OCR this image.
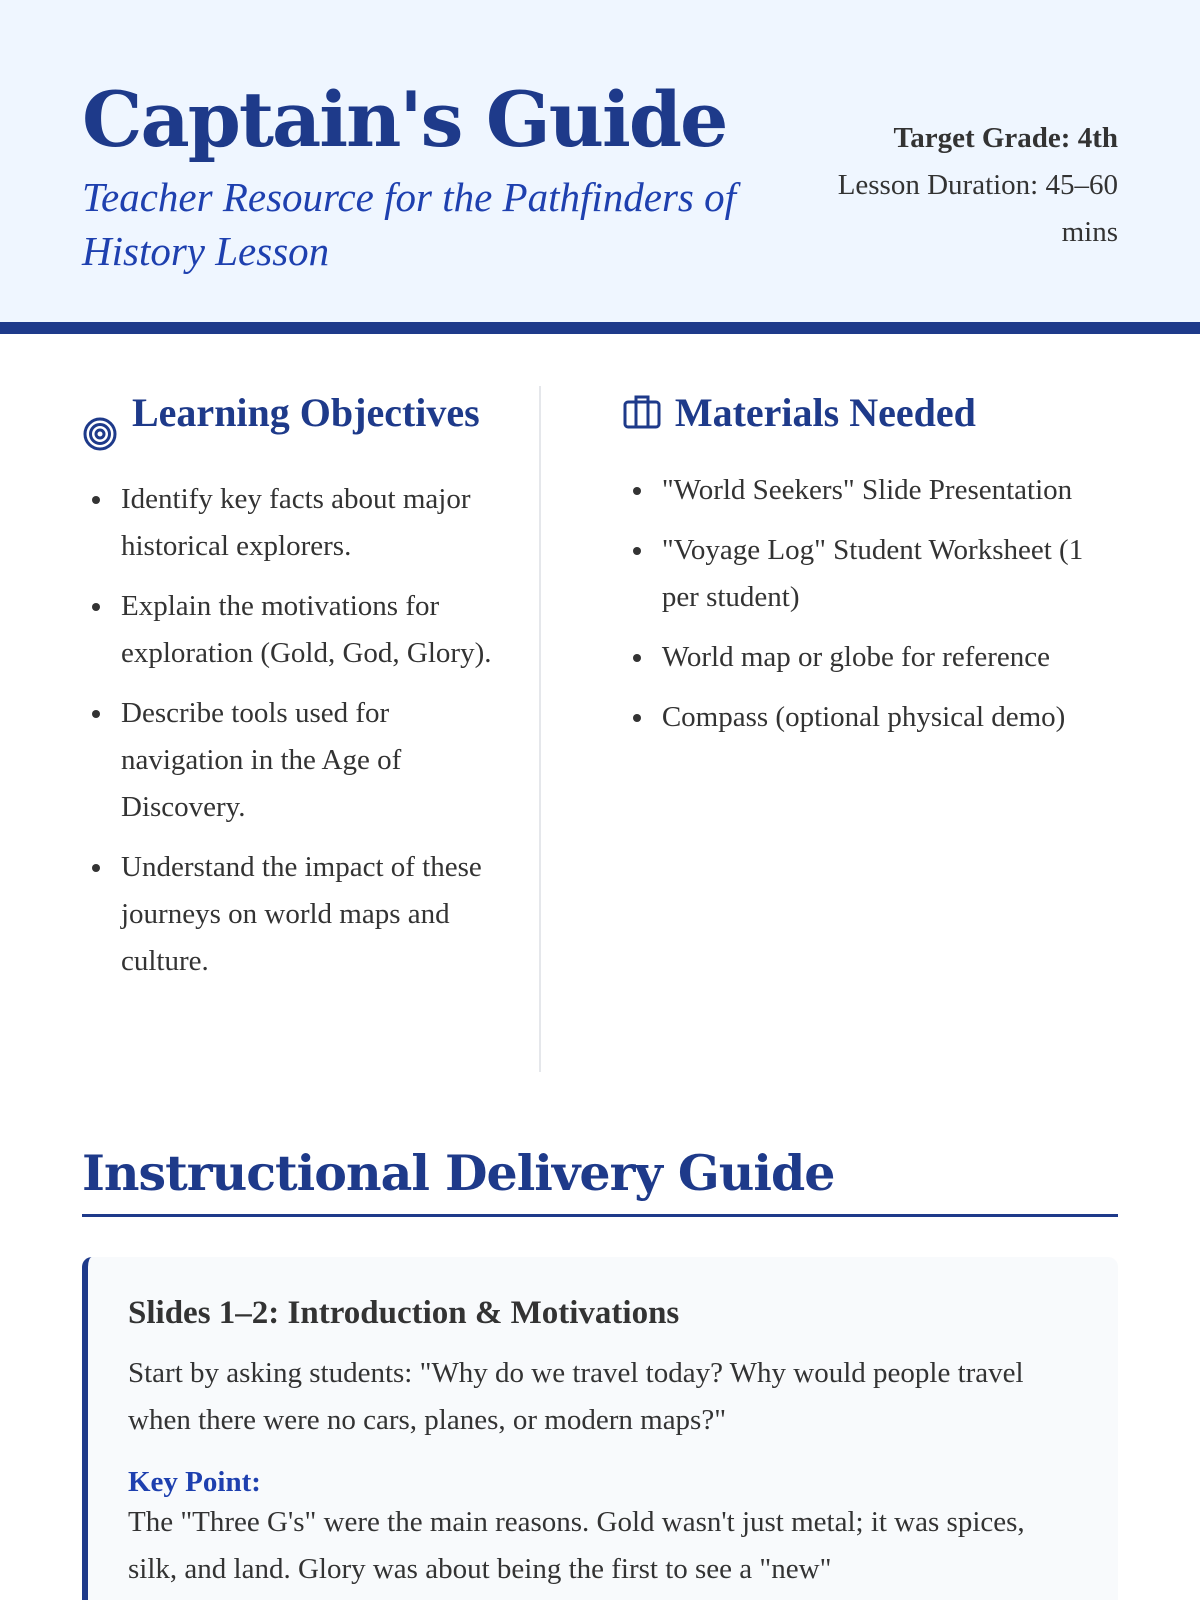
Captain's Guide
Teacher Resource for the Pathfinders of History Lesson
Target Grade: 4th
Lesson Duration: 45–60 mins
Learning Objectives
Identify key facts about major historical explorers.
Explain the motivations for exploration (Gold, God, Glory).
Describe tools used for navigation in the Age of Discovery.
Understand the impact of these journeys on world maps and culture.
Materials Needed
"World Seekers" Slide Presentation
"Voyage Log" Student Worksheet (1 per student)
World map or globe for reference
Compass (optional physical demo)
Instructional Delivery Guide
Slides 1–2: Introduction & Motivations

Start by asking students: "Why do we travel today? Why would people travel when there were no cars, planes, or modern maps?"

Key Point:

The "Three G's" were the main reasons. Gold wasn't just metal; it was spices, silk, and land. Glory was about being the first to see a "new"
